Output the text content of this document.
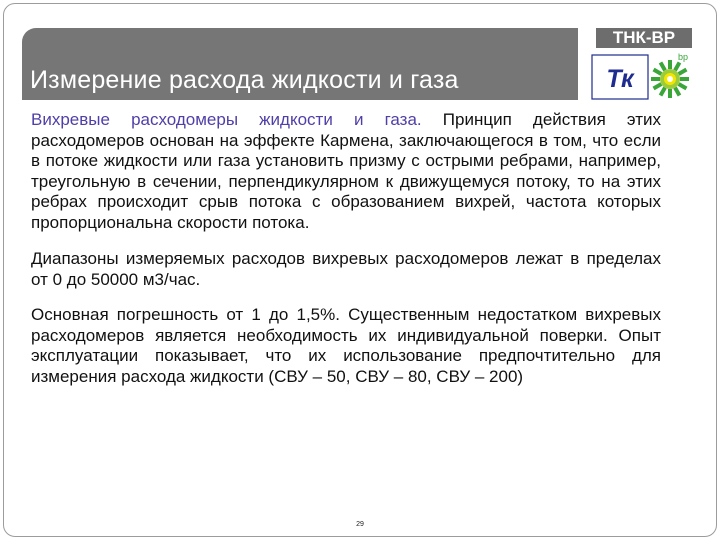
Измерение расхода жидкости и газа
ТНК-ВР
Тк
bp

Вихревые расходомеры жидкости и газа. Принцип действия этих расходомеров основан на эффекте Кармена, заключающегося в том, что если в потоке жидкости или газа установить призму с острыми ребрами, например, треугольную в сечении, перпендикулярном к движущемуся потоку, то на этих ребрах происходит срыв потока с образованием вихрей, частота которых пропорциональна скорости потока.

Диапазоны измеряемых расходов вихревых расходомеров лежат в пределах от 0 до 50000 м3/час.

Основная погрешность от 1 до 1,5%. Существенным недостатком вихревых расходомеров является необходимость их индивидуальной поверки. Опыт эксплуатации показывает, что их использование предпочтительно для измерения расхода жидкости (СВУ – 50, СВУ – 80, СВУ – 200)

29
